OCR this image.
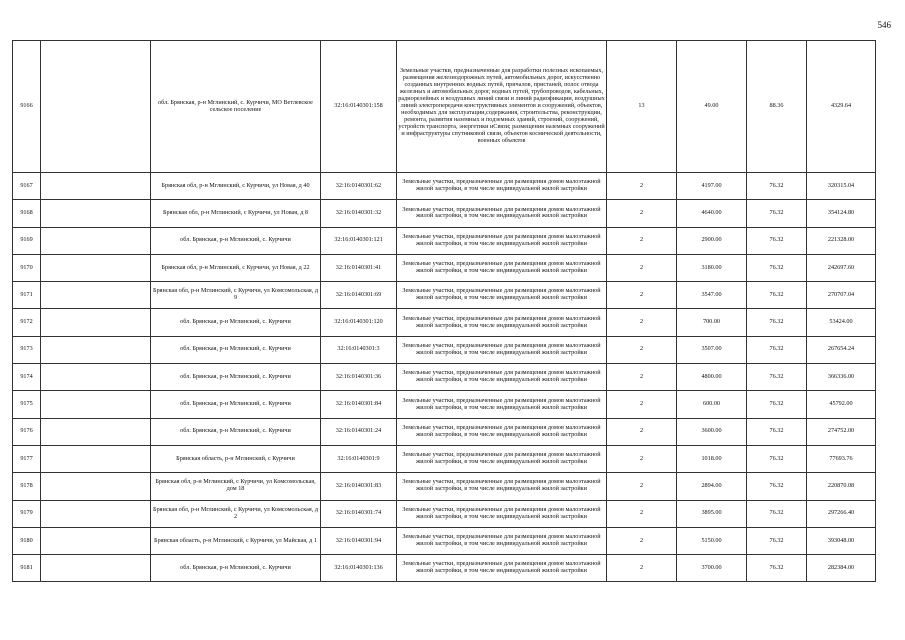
546
9166		обл. Брянская, р-н Мглинский, с. Курчичи, МО Ветлевское сельское поселение	32:16:0140301:158	Земельные участки, предназначенные для разработки полезных ископаемых, размещения железнодорожных путей, автомобильных дорог, искусственно созданных внутренних водных путей, причалов, пристаней, полос отвода железных и автомобильных дорог, водных путей, трубопроводов, кабельных, радиорелейных и воздушных линий связи и линий радиофикации, воздушных линий электропередачи конструктивных элементов и сооружений, объектов, необходимых для эксплуатации,содержания, строительства, реконструкции, ремонта, развития наземных и подземных зданий, строений, сооружений, устройств транспорта, энергетики иСвязи; размещения наземных сооружений и инфраструктуры спутниковой связи, объектов космической деятельности, военных объектов	13	49.00	88.36	4329.64
9167		Брянская обл, р-н Мглинский, с Курчичи, ул Новая, д 40	32:16:0140301:62	Земельные участки, предназначенные для размещения домов малоэтажной жилой застройки, в том числе индивидуальной жилой застройки	2	4197.00	76.32	320315.04
9168		Брянская обл, р-н Мглинский, с Курчичи, ул Новая, д 8	32:16:0140301:32	Земельные участки, предназначенные для размещения домов малоэтажной жилой застройки, в том числе индивидуальной жилой застройки	2	4640.00	76.32	354124.80
9169		обл. Брянская, р-н Мглинский, с. Курчичи	32:16:0140301:121	Земельные участки, предназначенные для размещения домов малоэтажной жилой застройки, в том числе индивидуальной жилой застройки	2	2900.00	76.32	221328.00
9170		Брянская обл, р-н Мглинский, с Курчичи, ул Новая, д 22	32:16:0140301:41	Земельные участки, предназначенные для размещения домов малоэтажной жилой застройки, в том числе индивидуальной жилой застройки	2	3180.00	76.32	242697.60
9171		Брянская обл, р-н Мглинский, с Курчичи, ул Комсомольская, д 9	32:16:0140301:69	Земельные участки, предназначенные для размещения домов малоэтажной жилой застройки, в том числе индивидуальной жилой застройки	2	3547.00	76.32	270707.04
9172		обл. Брянская, р-н Мглинский, с. Курчичи	32:16:0140301:120	Земельные участки, предназначенные для размещения домов малоэтажной жилой застройки, в том числе индивидуальной жилой застройки	2	700.00	76.32	53424.00
9173		обл. Брянская, р-н Мглинский, с. Курчичи	32:16:0140301:3	Земельные участки, предназначенные для размещения домов малоэтажной жилой застройки, в том числе индивидуальной жилой застройки	2	3507.00	76.32	267654.24
9174		обл. Брянская, р-н Мглинский, с. Курчичи	32:16:0140301:36	Земельные участки, предназначенные для размещения домов малоэтажной жилой застройки, в том числе индивидуальной жилой застройки	2	4800.00	76.32	366336.00
9175		обл. Брянская, р-н Мглинский, с. Курчичи	32:16:0140301:84	Земельные участки, предназначенные для размещения домов малоэтажной жилой застройки, в том числе индивидуальной жилой застройки	2	600.00	76.32	45792.00
9176		обл. Брянская, р-н Мглинский, с. Курчичи	32:16:0140301:24	Земельные участки, предназначенные для размещения домов малоэтажной жилой застройки, в том числе индивидуальной жилой застройки	2	3600.00	76.32	274752.00
9177		Брянская область, р-н Мглинский, с Курчичи	32:16:0140301:9	Земельные участки, предназначенные для размещения домов малоэтажной жилой застройки, в том числе индивидуальной жилой застройки	2	1018.00	76.32	77693.76
9178		Брянская обл, р-н Мглинский, с Курчичи, ул Комсомольская, дом 18	32:16:0140301:83	Земельные участки, предназначенные для размещения домов малоэтажной жилой застройки, в том числе индивидуальной жилой застройки	2	2894.00	76.32	220870.08
9179		Брянская обл, р-н Мглинский, с Курчичи, ул Комсомольская, д 2	32:16:0140301:74	Земельные участки, предназначенные для размещения домов малоэтажной жилой застройки, в том числе индивидуальной жилой застройки	2	3895.00	76.32	297266.40
9180		Брянская область, р-н Мглинский, с Курчичи, ул Майская, д 1	32:16:0140301:94	Земельные участки, предназначенные для размещения домов малоэтажной жилой застройки, в том числе индивидуальной жилой застройки	2	5150.00	76.32	393048.00
9181		обл. Брянская, р-н Мглинский, с. Курчичи	32:16:0140301:136	Земельные участки, предназначенные для размещения домов малоэтажной жилой застройки, в том числе индивидуальной жилой застройки	2	3700.00	76.32	282384.00
